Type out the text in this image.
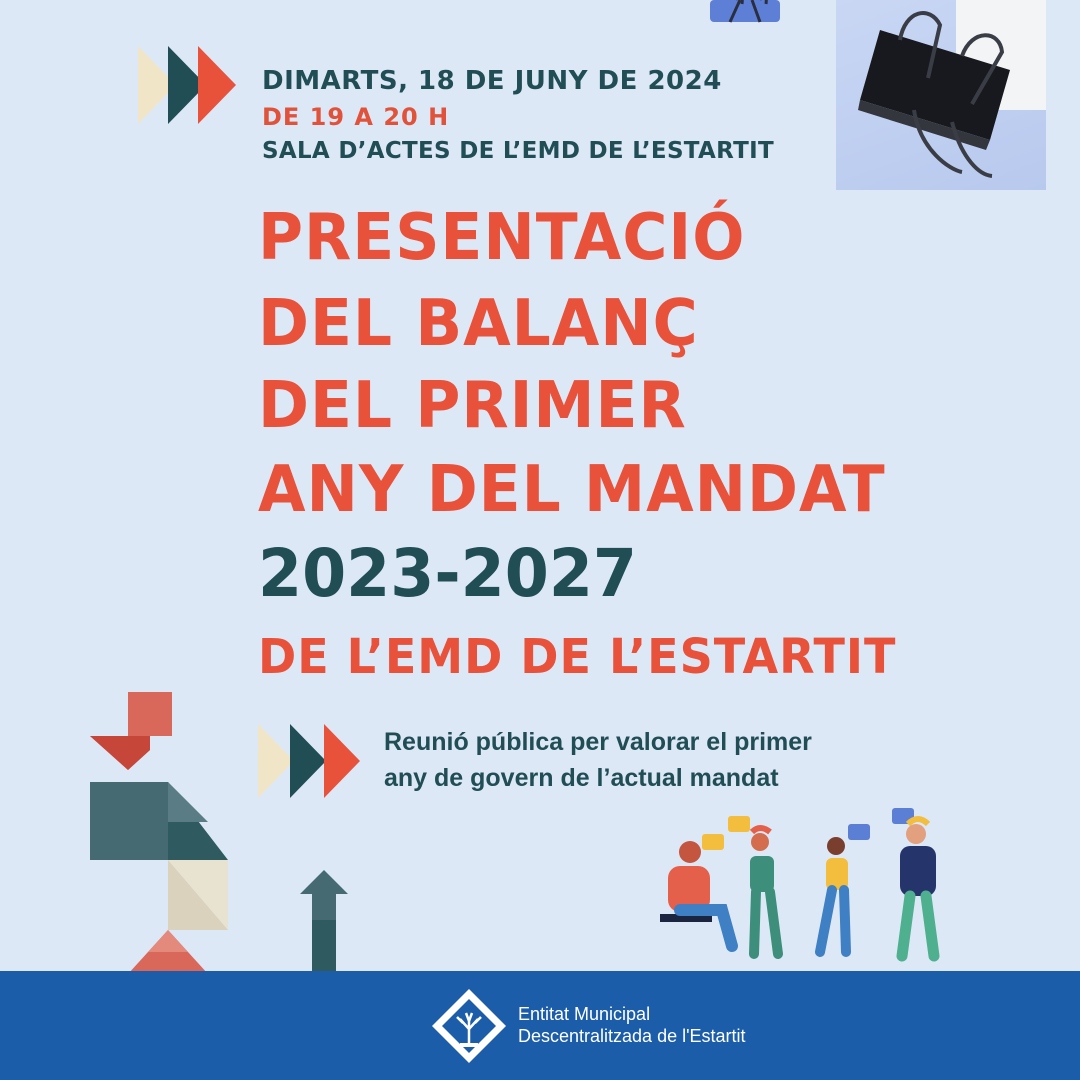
DIMARTS, 18 DE JUNY DE 2024
DE 19 A 20 H
SALA D’ACTES DE L’EMD DE L’ESTARTIT
PRESENTACIÓ
DEL BALANÇ
DEL PRIMER
ANY DEL MANDAT
2023-2027
DE L’EMD DE L’ESTARTIT
Reunió pública per valorar el primer
any de govern de l’actual mandat
Entitat Municipal
Descentralitzada de l'Estartit
